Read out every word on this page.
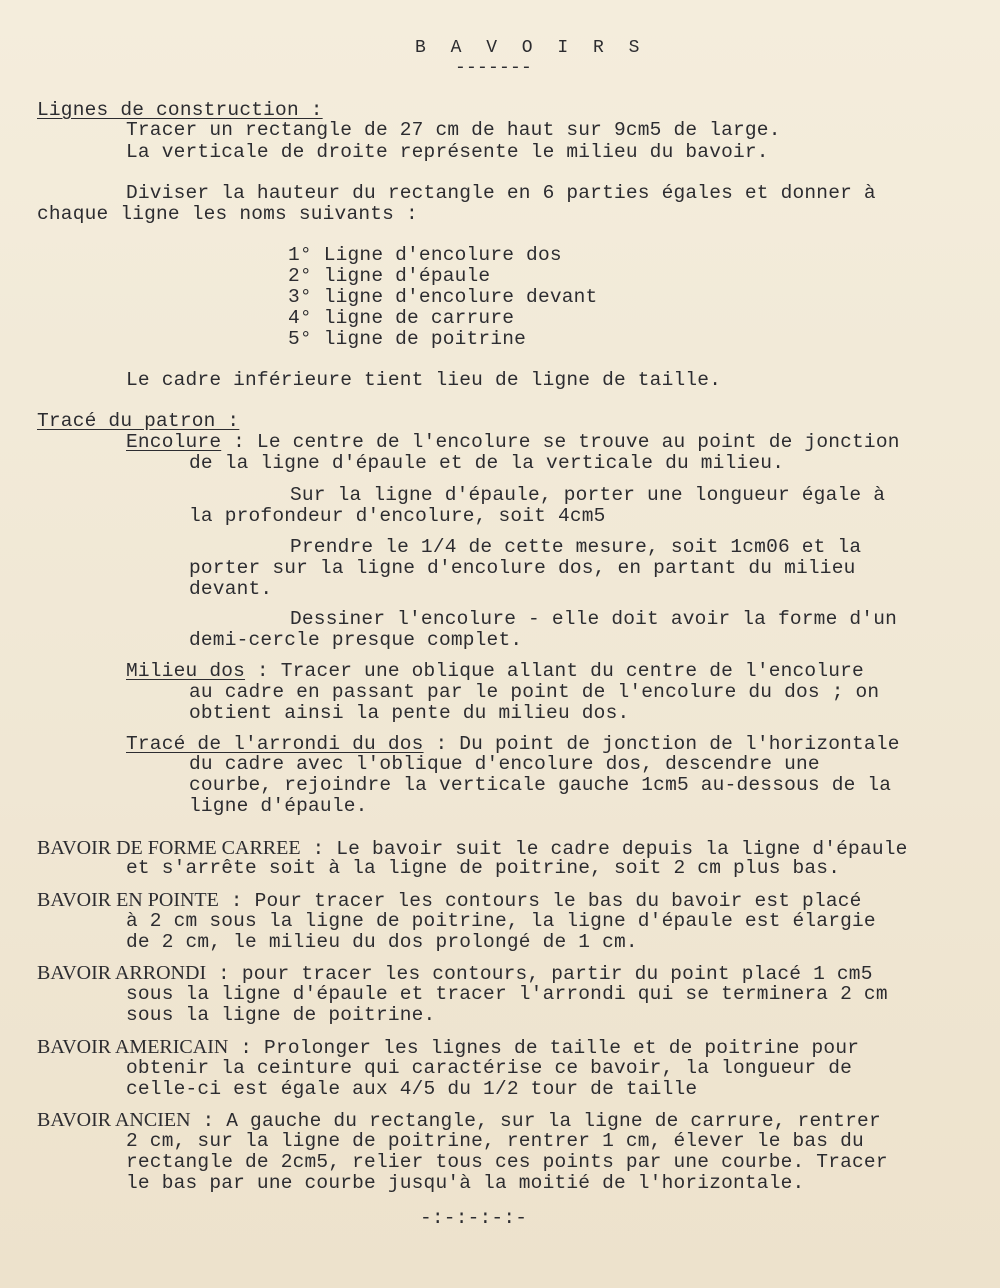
B A V O I R S
-------
Lignes de construction :
Tracer un rectangle de 27 cm de haut sur 9cm5 de large.
La verticale de droite représente le milieu du bavoir.
Diviser la hauteur du rectangle en 6 parties égales et donner à
chaque ligne les noms suivants :
1° Ligne d'encolure dos
2° ligne d'épaule
3° ligne d'encolure devant
4° ligne de carrure
5° ligne de poitrine
Le cadre inférieure tient lieu de ligne de taille.
Tracé du patron :
Encolure : Le centre de l'encolure se trouve au point de jonction
de la ligne d'épaule et de la verticale du milieu.
Sur la ligne d'épaule, porter une longueur égale à
la profondeur d'encolure, soit 4cm5
Prendre le 1/4 de cette mesure, soit 1cm06 et la
porter sur la ligne d'encolure dos, en partant du milieu
devant.
Dessiner l'encolure - elle doit avoir la forme d'un
demi-cercle presque complet.
Milieu dos : Tracer une oblique allant du centre de l'encolure
au cadre en passant par le point de l'encolure du dos ; on
obtient ainsi la pente du milieu dos.
Tracé de l'arrondi du dos : Du point de jonction de l'horizontale
du cadre avec l'oblique d'encolure dos, descendre une
courbe, rejoindre la verticale gauche 1cm5 au-dessous de la
ligne d'épaule.
BAVOIR DE FORME CARREE : Le bavoir suit le cadre depuis la ligne d'épaule
et s'arrête soit à la ligne de poitrine, soit 2 cm plus bas.
BAVOIR EN POINTE : Pour tracer les contours le bas du bavoir est placé
à 2 cm sous la ligne de poitrine, la ligne d'épaule est élargie
de 2 cm, le milieu du dos prolongé de 1 cm.
BAVOIR ARRONDI : pour tracer les contours, partir du point placé 1 cm5
sous la ligne d'épaule et tracer l'arrondi qui se terminera 2 cm
sous la ligne de poitrine.
BAVOIR AMERICAIN : Prolonger les lignes de taille et de poitrine pour
obtenir la ceinture qui caractérise ce bavoir, la longueur de
celle-ci est égale aux 4/5 du 1/2 tour de taille
BAVOIR ANCIEN : A gauche du rectangle, sur la ligne de carrure, rentrer
2 cm, sur la ligne de poitrine, rentrer 1 cm, élever le bas du
rectangle de 2cm5, relier tous ces points par une courbe. Tracer
le bas par une courbe jusqu'à la moitié de l'horizontale.
-:-:-:-:-
